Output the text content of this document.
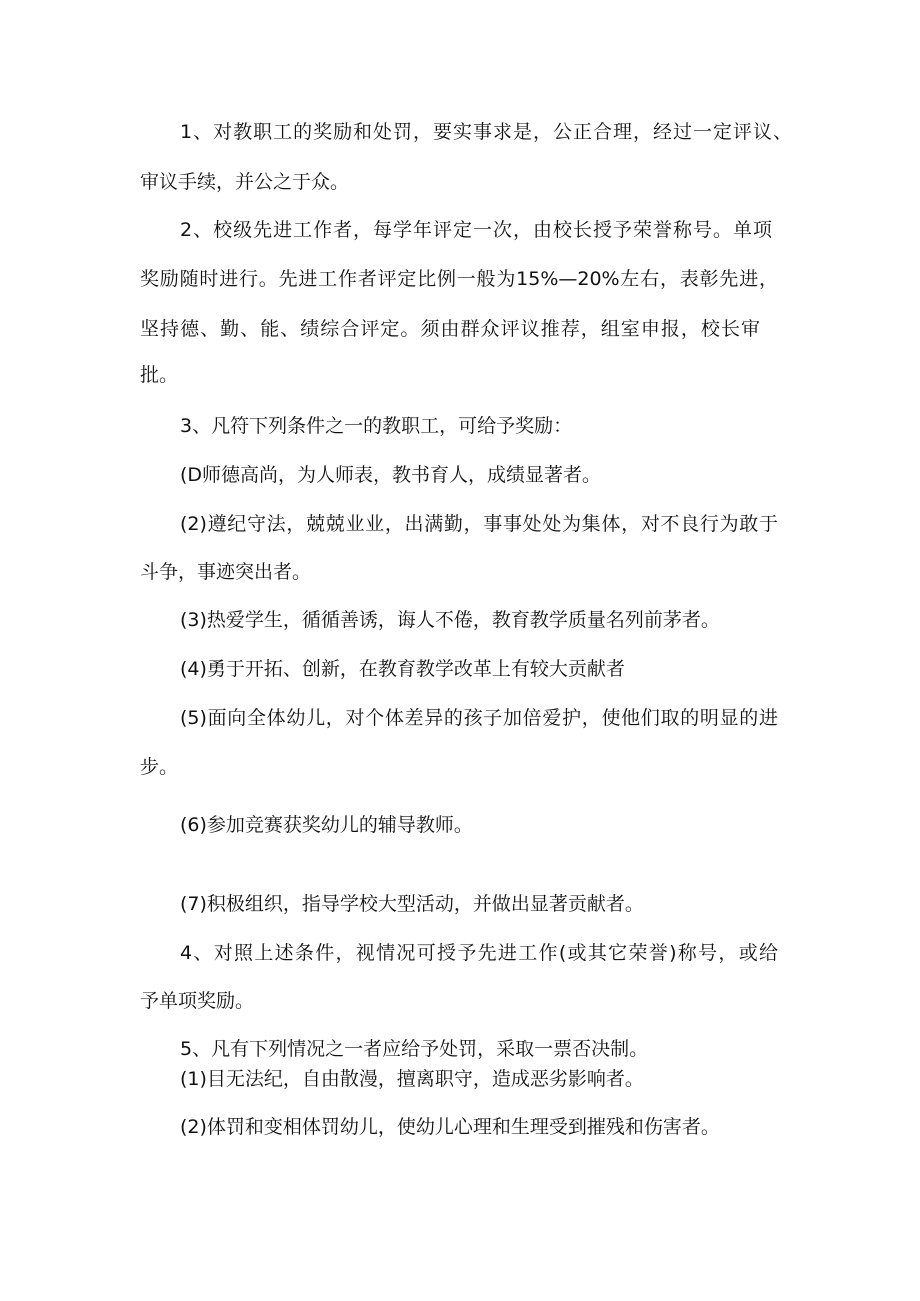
1、对教职工的奖励和处罚，要实事求是，公正合理，经过一定评议、
审议手续，并公之于众。
2、校级先进工作者，每学年评定一次，由校长授予荣誉称号。单项
奖励随时进行。先进工作者评定比例一般为15%—20%左右，表彰先进，
坚持德、勤、能、绩综合评定。须由群众评议推荐，组室申报，校长审
批。
3、凡符下列条件之一的教职工，可给予奖励：
(D师德高尚，为人师表，教书育人，成绩显著者。
(2)遵纪守法，兢兢业业，出满勤，事事处处为集体，对不良行为敢于
斗争，事迹突出者。
(3)热爱学生，循循善诱，诲人不倦，教育教学质量名列前茅者。
(4)勇于开拓、创新，在教育教学改革上有较大贡献者
(5)面向全体幼儿，对个体差异的孩子加倍爱护，使他们取的明显的进
步。
(6)参加竞赛获奖幼儿的辅导教师。
(7)积极组织，指导学校大型活动，并做出显著贡献者。
4、对照上述条件，视情况可授予先进工作(或其它荣誉)称号，或给
予单项奖励。
5、凡有下列情况之一者应给予处罚，采取一票否决制。
(1)目无法纪，自由散漫，擅离职守，造成恶劣影响者。
(2)体罚和变相体罚幼儿，使幼儿心理和生理受到摧残和伤害者。
